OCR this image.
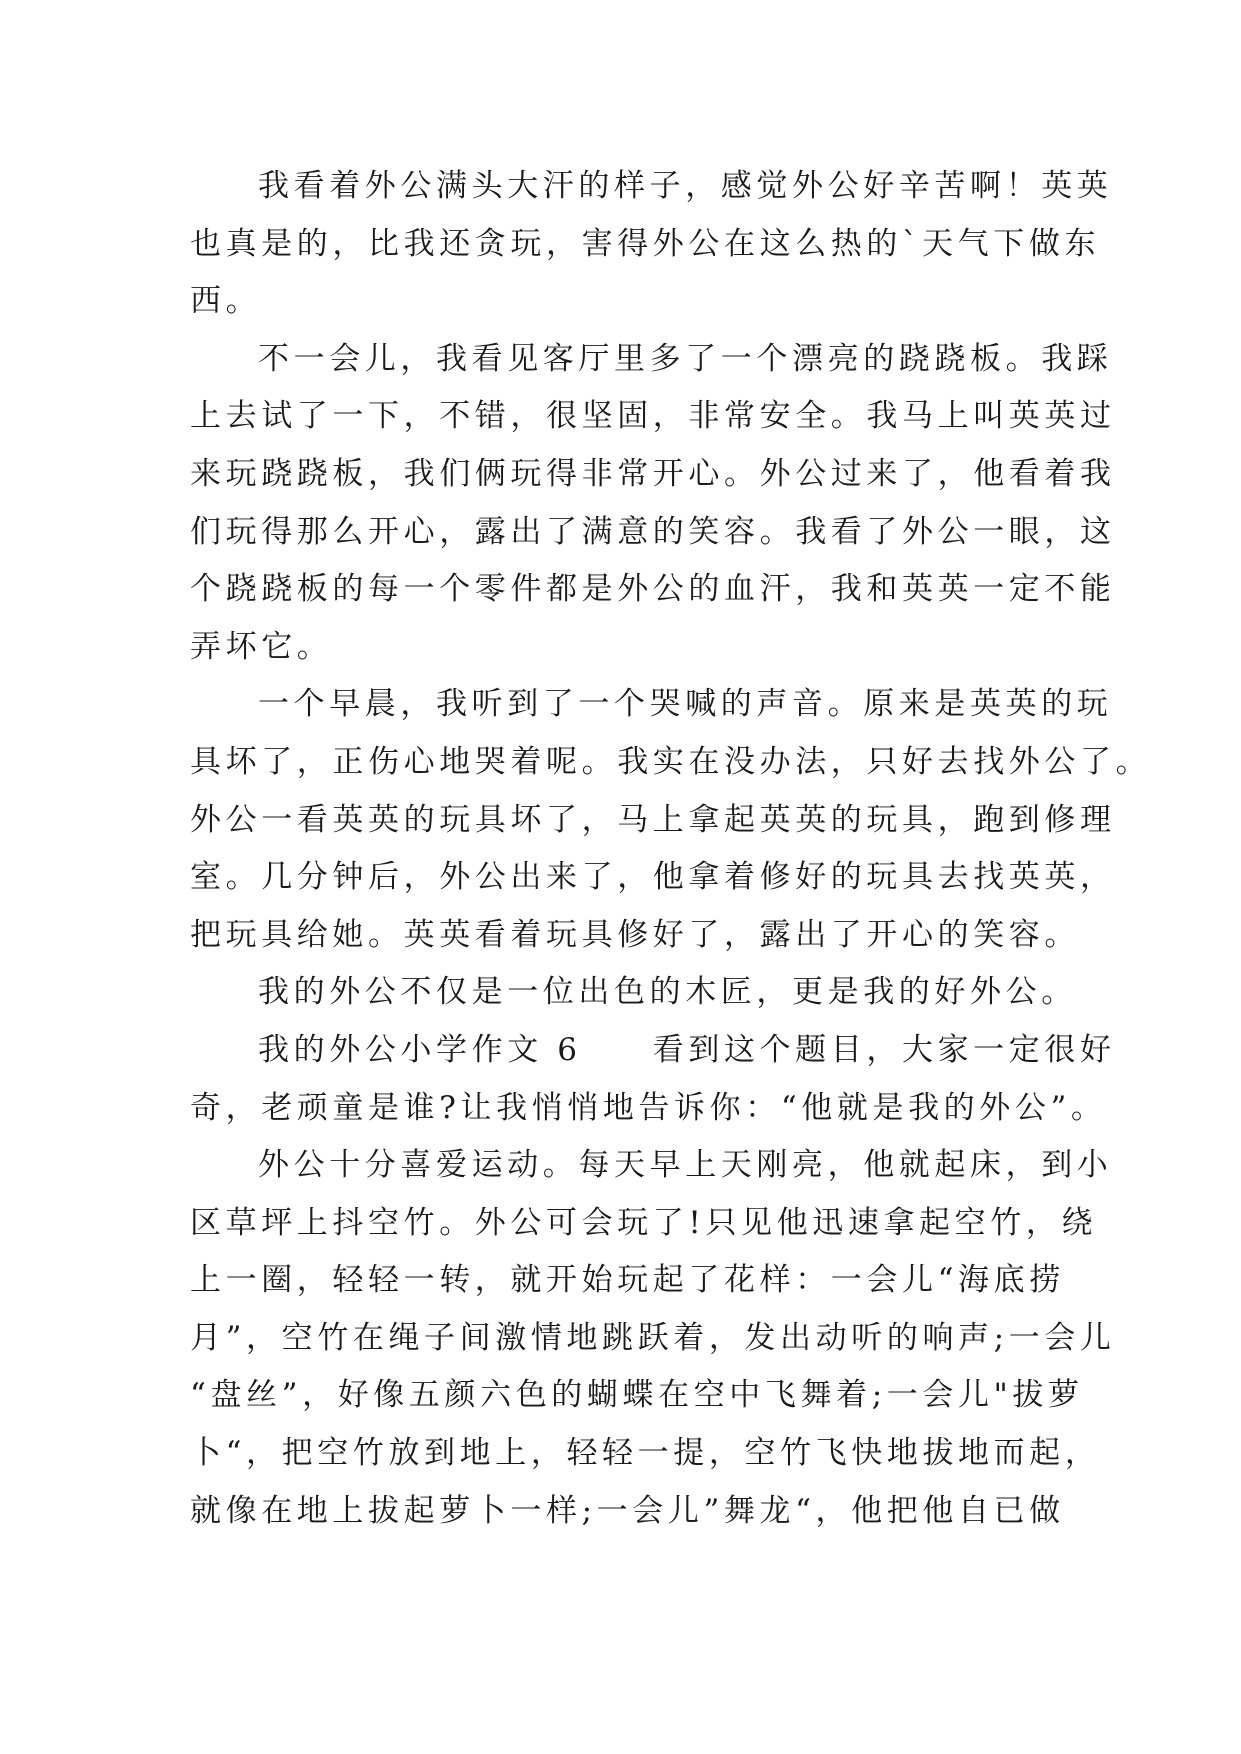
我看着外公满头大汗的样子，感觉外公好辛苦啊！英英
也真是的，比我还贪玩，害得外公在这么热的`天气下做东
西。
不一会儿，我看见客厅里多了一个漂亮的跷跷板。我踩
上去试了一下，不错，很坚固，非常安全。我马上叫英英过
来玩跷跷板，我们俩玩得非常开心。外公过来了，他看着我
们玩得那么开心，露出了满意的笑容。我看了外公一眼，这
个跷跷板的每一个零件都是外公的血汗，我和英英一定不能
弄坏它。
一个早晨，我听到了一个哭喊的声音。原来是英英的玩
具坏了，正伤心地哭着呢。我实在没办法，只好去找外公了。
外公一看英英的玩具坏了，马上拿起英英的玩具，跑到修理
室。几分钟后，外公出来了，他拿着修好的玩具去找英英，
把玩具给她。英英看着玩具修好了，露出了开心的笑容。
我的外公不仅是一位出色的木匠，更是我的好外公。
我的外公小学作文 6　　看到这个题目，大家一定很好
奇，老顽童是谁?让我悄悄地告诉你：“他就是我的外公”。
外公十分喜爱运动。每天早上天刚亮，他就起床，到小
区草坪上抖空竹。外公可会玩了!只见他迅速拿起空竹，绕
上一圈，轻轻一转，就开始玩起了花样：一会儿“海底捞
月”，空竹在绳子间激情地跳跃着，发出动听的响声;一会儿
“盘丝”，好像五颜六色的蝴蝶在空中飞舞着;一会儿"拔萝
卜“，把空竹放到地上，轻轻一提，空竹飞快地拔地而起，
就像在地上拔起萝卜一样;一会儿”舞龙“，他把他自已做
